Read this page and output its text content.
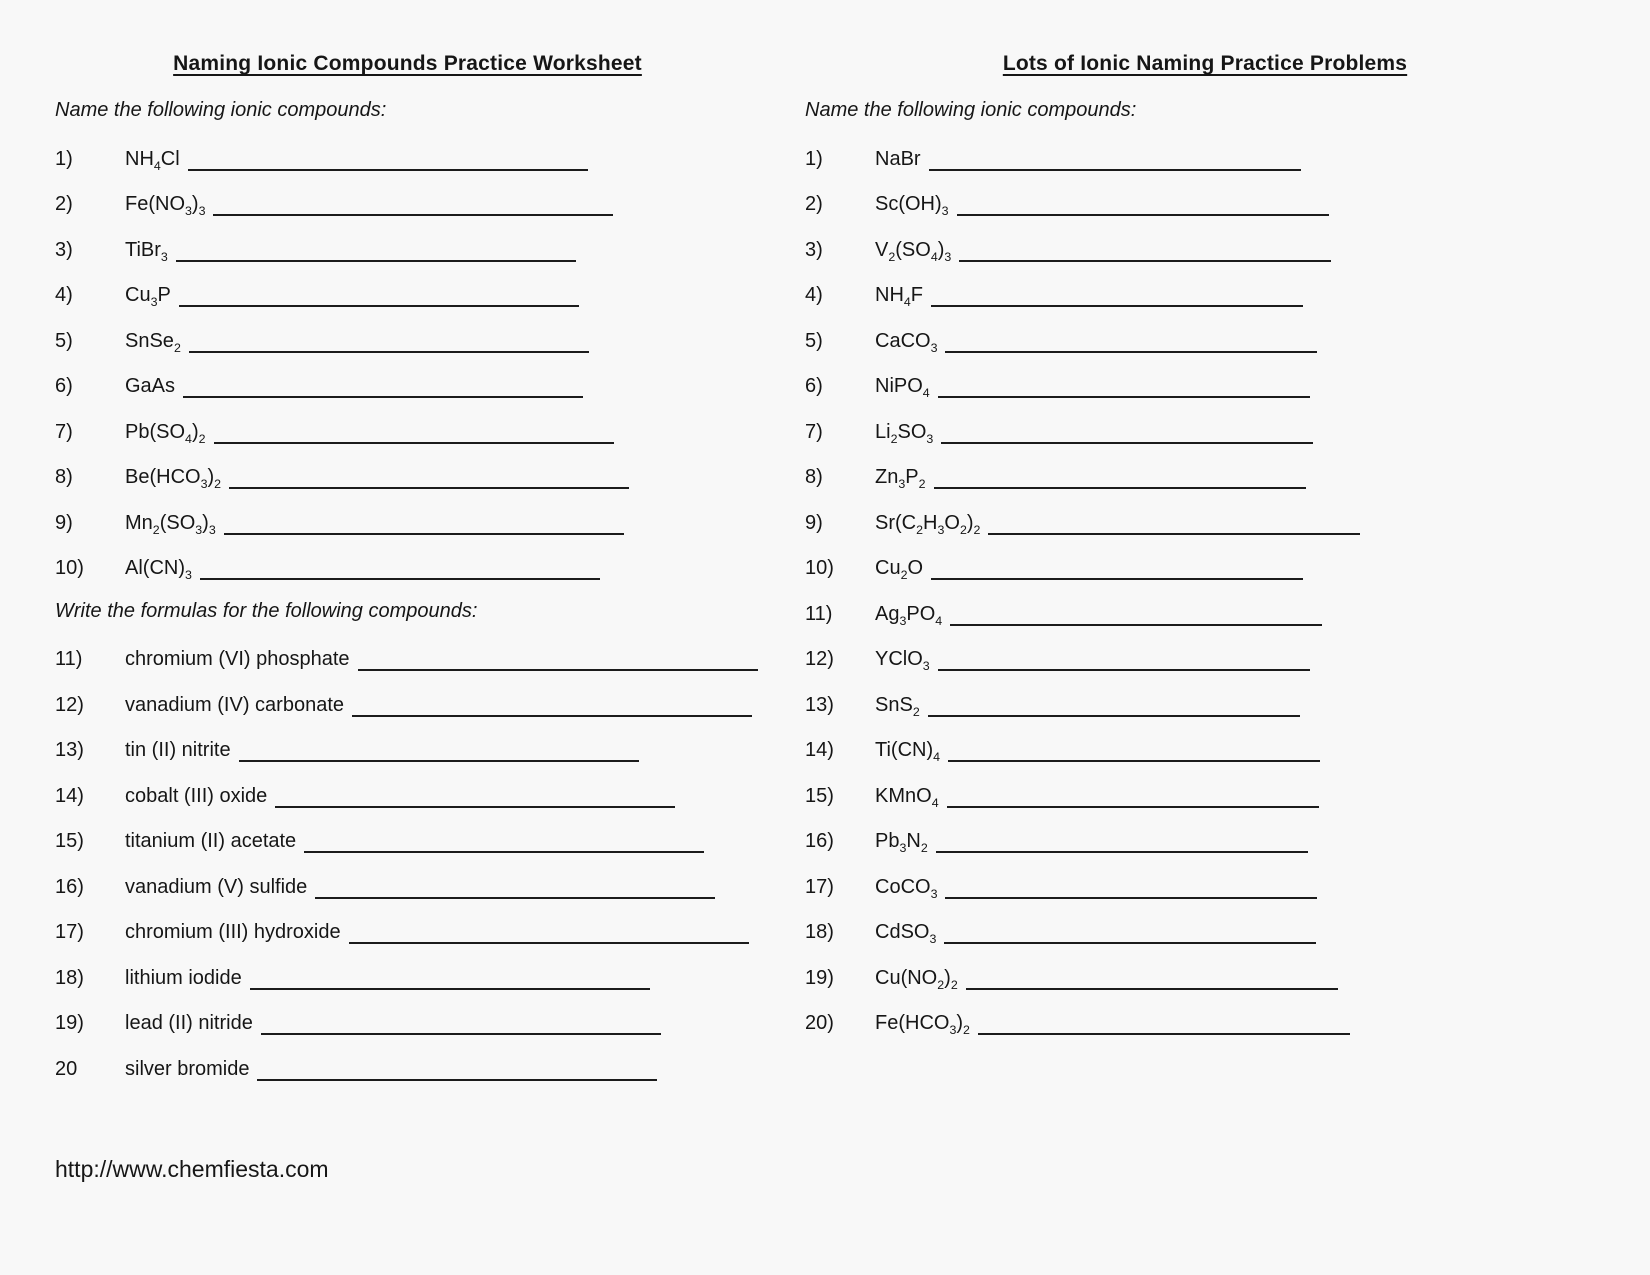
Naming Ionic Compounds Practice Worksheet
Name the following ionic compounds:
1)	$NH_4Cl$
2)	$Fe(NO_3)_3$
3)	TiBr$_3$
4)	$Cu_3P$
5)	SnSe$_2$
6)	GaAs
7)	$Pb(SO_4)_2$
8)	$Be(HCO_3)_2$
9)	$Mn_2(SO_3)_3$
10) $Al(CN)_3$
Write the formulas for the following compounds:
11) chromium (VI) phosphate
12) vanadium (IV) carbonate
13) tin (II) nitrite
14) cobalt (III) oxide
15) titanium (II) acetate
16) vanadium (V) sulfide
17) chromium (III) hydroxide
18) lithium iodide
19) lead (II) nitride
20 silver bromide
Lots of Ionic Naming Practice Problems
Name the following ionic compounds:
1)	NaBr
2)	$Sc(OH)_3$
3)	$V_2(SO_4)_3$
4)	$NH_4F$
5)	CaCO$_3$
6)	NiPO$_4$
7)	$Li_2SO_3$
8)	$Zn_3P_2$
9)	$Sr(C_2H_3O_2)_2$
10) $Cu_2O$
11) $Ag_3PO_4$
12) YClO$_3$
13) SnS$_2$
14) $Ti(CN)_4$
15) KMnO$_4$
16) $Pb_3N_2$
17) CoCO$_3$
18) CdSO$_3$
19) $Cu(NO_2)_2$
20) $Fe(HCO_3)_2$
http://www.chemfiesta.com
